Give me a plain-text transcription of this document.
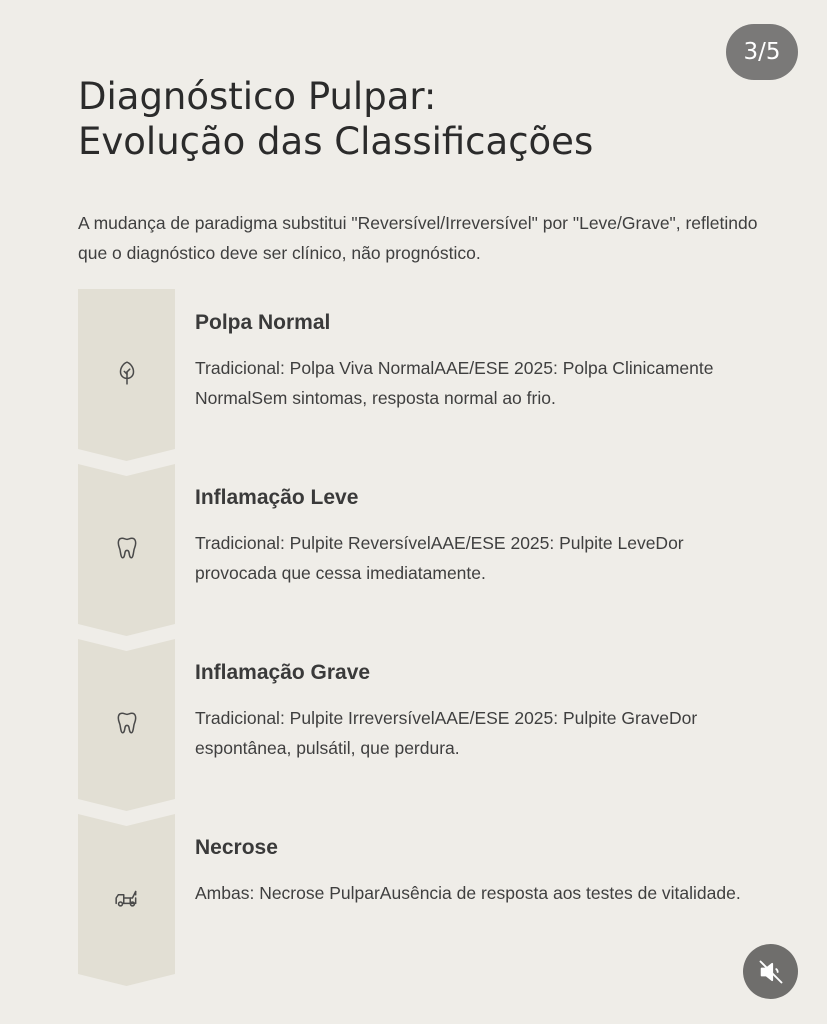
3/5
Diagnóstico Pulpar:
Evolução das Classificações

A mudança de paradigma substitui "Reversível/Irreversível" por "Leve/Grave", refletindo que o diagnóstico deve ser clínico, não prognóstico.

Polpa Normal

Tradicional: Polpa Viva NormalAAE/ESE 2025: Polpa Clinicamente NormalSem sintomas, resposta normal ao frio.

Inflamação Leve

Tradicional: Pulpite ReversívelAAE/ESE 2025: Pulpite LeveDor provocada que cessa imediatamente.

Inflamação Grave

Tradicional: Pulpite IrreversívelAAE/ESE 2025: Pulpite GraveDor espontânea, pulsátil, que perdura.

Necrose

Ambas: Necrose PulparAusência de resposta aos testes de vitalidade.
